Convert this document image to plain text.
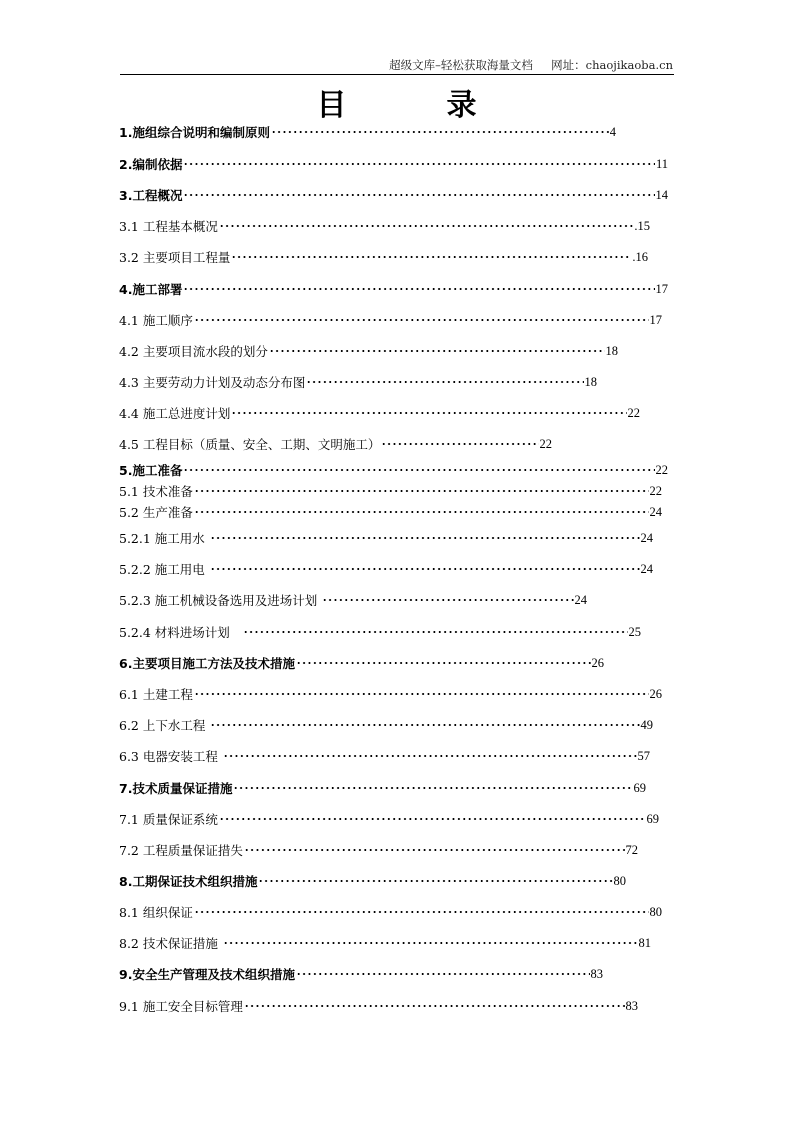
超级文库–轻松获取海量文档     网址：chaojikaoba.cn
目	录
1.施组综合说明和编制原则	4
2.编制依据	11
3.工程概况	14
3.1 工程基本概况	.15
3.2 主要项目工程量	.16
4.施工部署	17
4.1 施工顺序	17
4.2 主要项目流水段的划分	18
4.3 主要劳动力计划及动态分布图	18
4.4 施工总进度计划	22
4.5 工程目标（质量、安全、工期、文明施工）	22
5.施工准备	22
5.1 技术准备	22
5.2 生产准备	24
5.2.1 施工用水	24
5.2.2 施工用电	24
5.2.3 施工机械设备选用及进场计划	24
5.2.4 材料进场计划	25
6.主要项目施工方法及技术措施	26
6.1 土建工程	26
6.2 上下水工程	49
6.3 电器安装工程	57
7.技术质量保证措施	69
7.1 质量保证系统	69
7.2 工程质量保证措失	72
8.工期保证技术组织措施	80
8.1 组织保证	80
8.2 技术保证措施	81
9.安全生产管理及技术组织措施	83
9.1 施工安全目标管理	83
